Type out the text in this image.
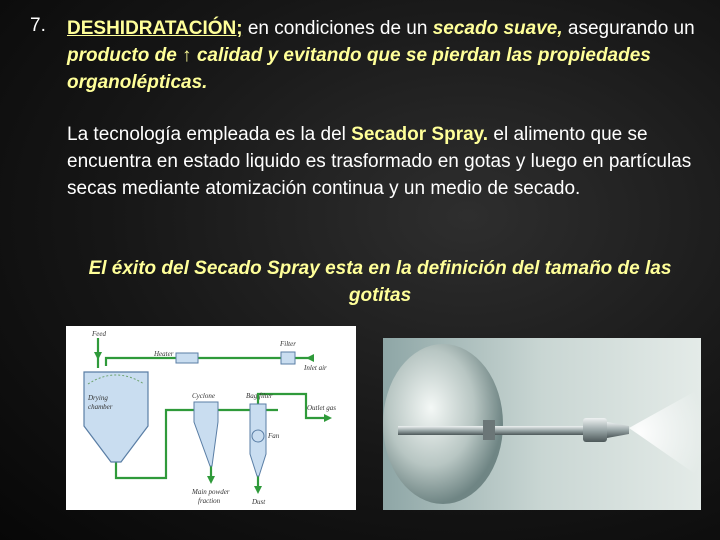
7. DESHIDRATACIÓN; en condiciones de un secado suave, asegurando un producto de ↑ calidad y evitando que se pierdan las propiedades organolépticas.
La tecnología empleada es la del Secador Spray. el alimento que se encuentra en estado liquido es trasformado en gotas y luego en partículas secas mediante atomización continua y un medio de secado.
El éxito del Secado Spray esta en la definición del tamaño de las gotitas
Feed
Heater
Filter
Inlet air
Drying
chamber
Cyclone	Bag filter
Outlet gas
Fan
Main powder
fraction	Dust
